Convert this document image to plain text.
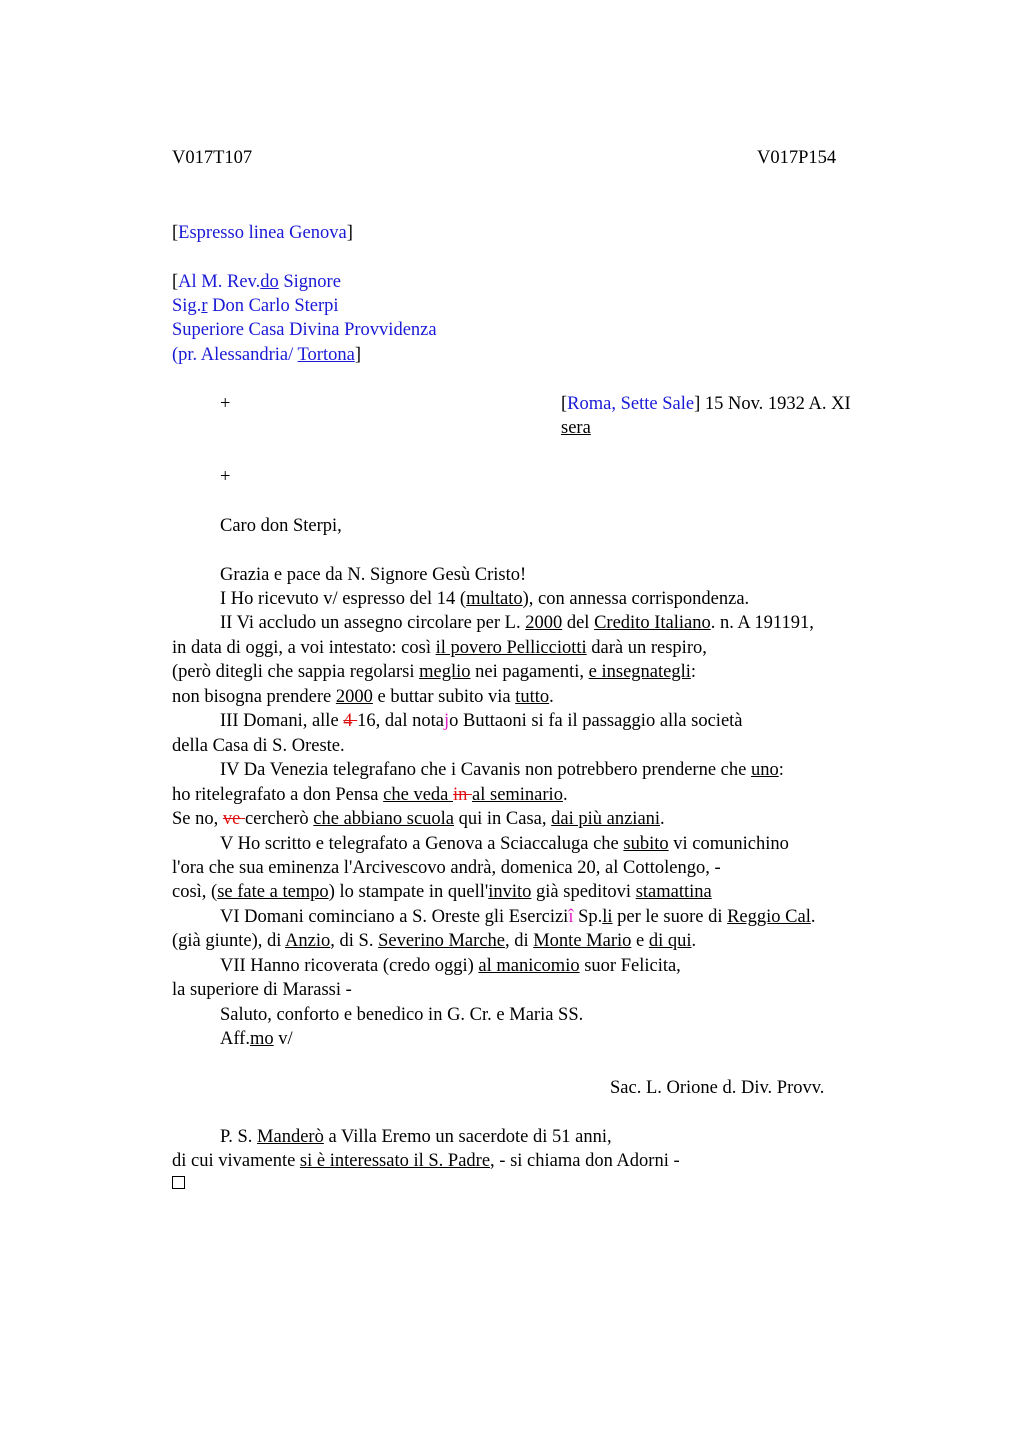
V017T107	V017P154
[Espresso linea Genova]
[Al M. Rev.do Signore
Sig.r Don Carlo Sterpi
Superiore Casa Divina Provvidenza
(pr. Alessandria/ Tortona]
+	[Roma, Sette Sale] 15 Nov. 1932 A. XI
sera
+
Caro don Sterpi,
Grazia e pace da N. Signore Gesù Cristo!
I Ho ricevuto v/ espresso del 14 (multato), con annessa corrispondenza.
II Vi accludo un assegno circolare per L. 2000 del Credito Italiano. n. A 191191,
in data di oggi, a voi intestato: così il povero Pellicciotti darà un respiro,
(però ditegli che sappia regolarsi meglio nei pagamenti, e insegnategli:
non bisogna prendere 2000 e buttar subito via tutto.
III Domani, alle 4 16, dal notajo Buttaoni si fa il passaggio alla società
della Casa di S. Oreste.
IV Da Venezia telegrafano che i Cavanis non potrebbero prenderne che uno:
ho ritelegrafato a don Pensa che veda in al seminario.
Se no, ve cercherò che abbiano scuola qui in Casa, dai più anziani.
V Ho scritto e telegrafato a Genova a Sciaccaluga che subito vi comunichino
l'ora che sua eminenza l'Arcivescovo andrà, domenica 20, al Cottolengo, -
così, (se fate a tempo) lo stampate in quell'invito già speditovi stamattina
VI Domani cominciano a S. Oreste gli Eserciziî Sp.li per le suore di Reggio Cal.
(già giunte), di Anzio, di S. Severino Marche, di Monte Mario e di qui.
VII Hanno ricoverata (credo oggi) al manicomio suor Felicita,
la superiore di Marassi -
Saluto, conforto e benedico in G. Cr. e Maria SS.
Aff.mo v/
Sac. L. Orione d. Div. Provv.
P. S. Manderò a Villa Eremo un sacerdote di 51 anni,
di cui vivamente si è interessato il S. Padre, - si chiama don Adorni -
